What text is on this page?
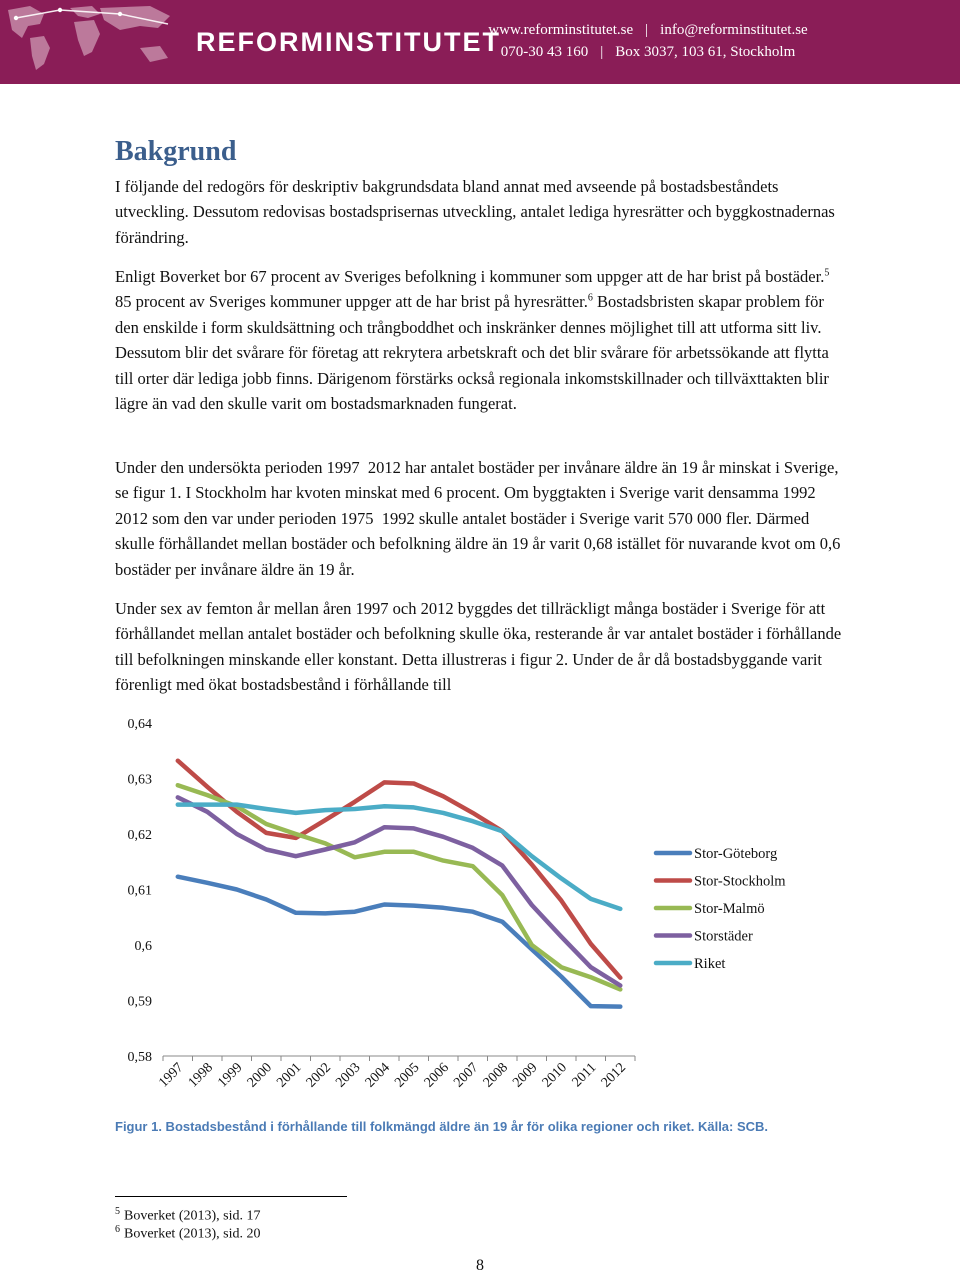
REFORMINSTITUTET
www.reforminstitutet.se | info@reforminstitutet.se
070-30 43 160 | Box 3037, 103 61, Stockholm
Bakgrund

I följande del redogörs för deskriptiv bakgrundsdata bland annat med avseende på bostadsbeståndets utveckling. Dessutom redovisas bostadsprisernas utveckling, antalet lediga hyresrätter och byggkostnadernas förändring.

Enligt Boverket bor 67 procent av Sveriges befolkning i kommuner som uppger att de har brist på bostäder.$^5$ 85 procent av Sveriges kommuner uppger att de har brist på hyresrätter.$^6$ Bostadsbristen skapar problem för den enskilde i form skuldsättning och trångboddhet och inskränker dennes möjlighet till att utforma sitt liv. Dessutom blir det svårare för företag att rekrytera arbetskraft och det blir svårare för arbetssökande att flytta till orter där lediga jobb finns. Därigenom förstärks också regionala inkomstskillnader och tillväxttakten blir lägre än vad den skulle varit om bostadsmarknaden fungerat.

Under den undersökta perioden 1997 2012 har antalet bostäder per invånare äldre än 19 år minskat i Sverige, se figur 1. I Stockholm har kvoten minskat med 6 procent. Om byggtakten i Sverige varit densamma 1992 2012 som den var under perioden 1975 1992 skulle antalet bostäder i Sverige varit 570 000 fler. Därmed skulle förhållandet mellan bostäder och befolkning äldre än 19 år varit 0,68 istället för nuvarande kvot om 0,6 bostäder per invånare äldre än 19 år.

Under sex av femton år mellan åren 1997 och 2012 byggdes det tillräckligt många bostäder i Sverige för att förhållandet mellan antalet bostäder och befolkning skulle öka, resterande år var antalet bostäder i förhållande till befolkningen minskande eller konstant. Detta illustreras i figur 2. Under de år då bostadsbyggande varit förenligt med ökat bostadsbestånd i förhållande till

0,64
0,63
0,62
0,61
0,6
0,59
0,58
1997 1998 1999 2000 2001 2002 2003 2004 2005 2006 2007 2008 2009 2010 2011 2012
Stor-Göteborg
Stor-Stockholm
Stor-Malmö
Storstäder
Riket
Figur 1. Bostadsbestånd i förhållande till folkmängd äldre än 19 år för olika regioner och riket. Källa: SCB.
$^5$ Boverket (2013), sid. 17
$^6$ Boverket (2013), sid. 20
8
